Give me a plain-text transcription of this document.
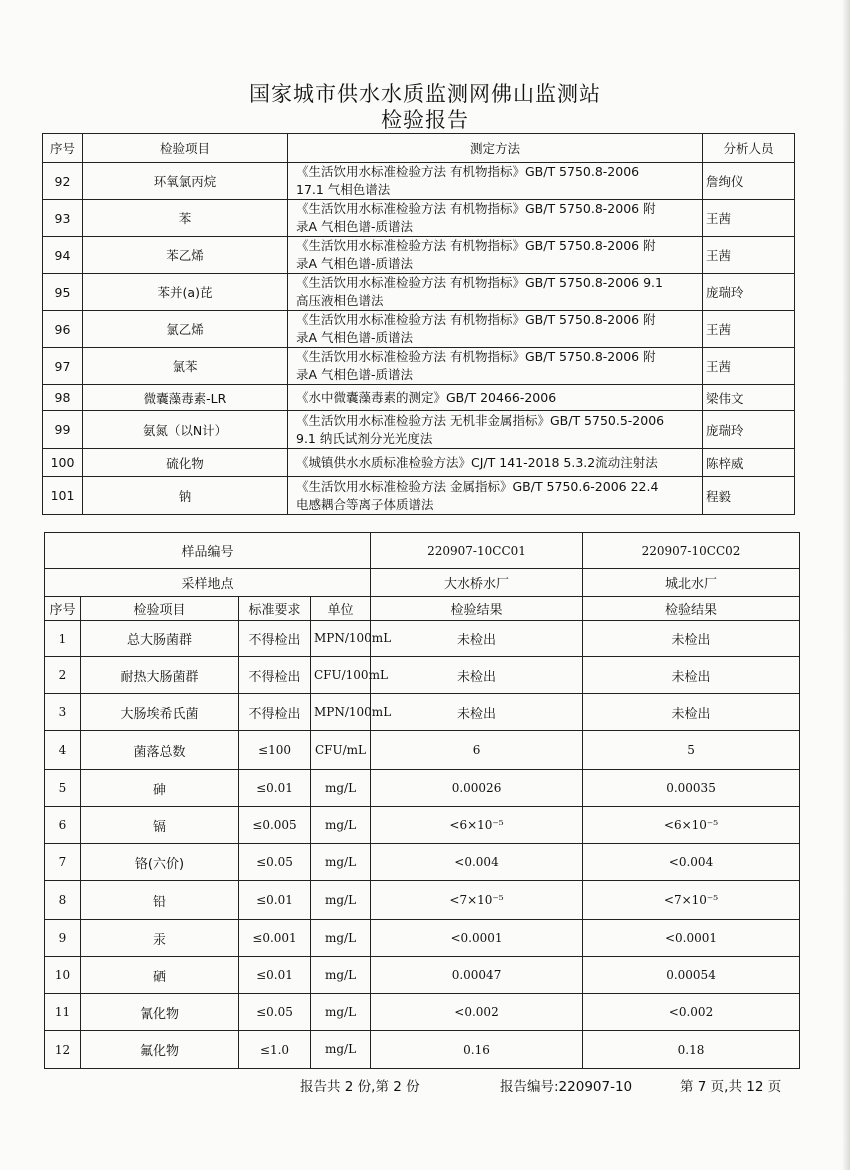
国家城市供水水质监测网佛山监测站
检验报告
序号	检验项目	测定方法	分析人员
92	环氧氯丙烷	《生活饮用水标准检验方法 有机物指标》GB/T 5750.8-2006
17.1 气相色谱法	詹绚仪
93	苯	《生活饮用水标准检验方法 有机物指标》GB/T 5750.8-2006 附
录A 气相色谱-质谱法	王茜
94	苯乙烯	《生活饮用水标准检验方法 有机物指标》GB/T 5750.8-2006 附
录A 气相色谱-质谱法	王茜
95	苯并(a)芘	《生活饮用水标准检验方法 有机物指标》GB/T 5750.8-2006 9.1
高压液相色谱法	庞瑞玲
96	氯乙烯	《生活饮用水标准检验方法 有机物指标》GB/T 5750.8-2006 附
录A 气相色谱-质谱法	王茜
97	氯苯	《生活饮用水标准检验方法 有机物指标》GB/T 5750.8-2006 附
录A 气相色谱-质谱法	王茜
98	微囊藻毒素-LR	《水中微囊藻毒素的测定》GB/T 20466-2006	梁伟文
99	氨氮（以N计）	《生活饮用水标准检验方法 无机非金属指标》GB/T 5750.5-2006
9.1 纳氏试剂分光光度法	庞瑞玲
100	硫化物	《城镇供水水质标准检验方法》CJ/T 141-2018 5.3.2流动注射法	陈梓威
101	钠	《生活饮用水标准检验方法 金属指标》GB/T 5750.6-2006 22.4
电感耦合等离子体质谱法	程毅
样品编号				220907-10CC01	220907-10CC02
采样地点				大水桥水厂	城北水厂
序号	检验项目	标准要求	单位	检验结果	检验结果
1	总大肠菌群	不得检出	MPN/100mL	未检出	未检出
2	耐热大肠菌群	不得检出	CFU/100mL	未检出	未检出
3	大肠埃希氏菌	不得检出	MPN/100mL	未检出	未检出
4	菌落总数	≤100	CFU/mL	6	5
5	砷	≤0.01	mg/L	0.00026	0.00035
6	镉	≤0.005	mg/L	<6×10⁻⁵	<6×10⁻⁵
7	铬(六价)	≤0.05	mg/L	<0.004	<0.004
8	铅	≤0.01	mg/L	<7×10⁻⁵	<7×10⁻⁵
9	汞	≤0.001	mg/L	<0.0001	<0.0001
10	硒	≤0.01	mg/L	0.00047	0.00054
11	氰化物	≤0.05	mg/L	<0.002	<0.002
12	氟化物	≤1.0	mg/L	0.16	0.18
报告共 2 份,第 2 份	报告编号:220907-10	第 7 页,共 12 页
